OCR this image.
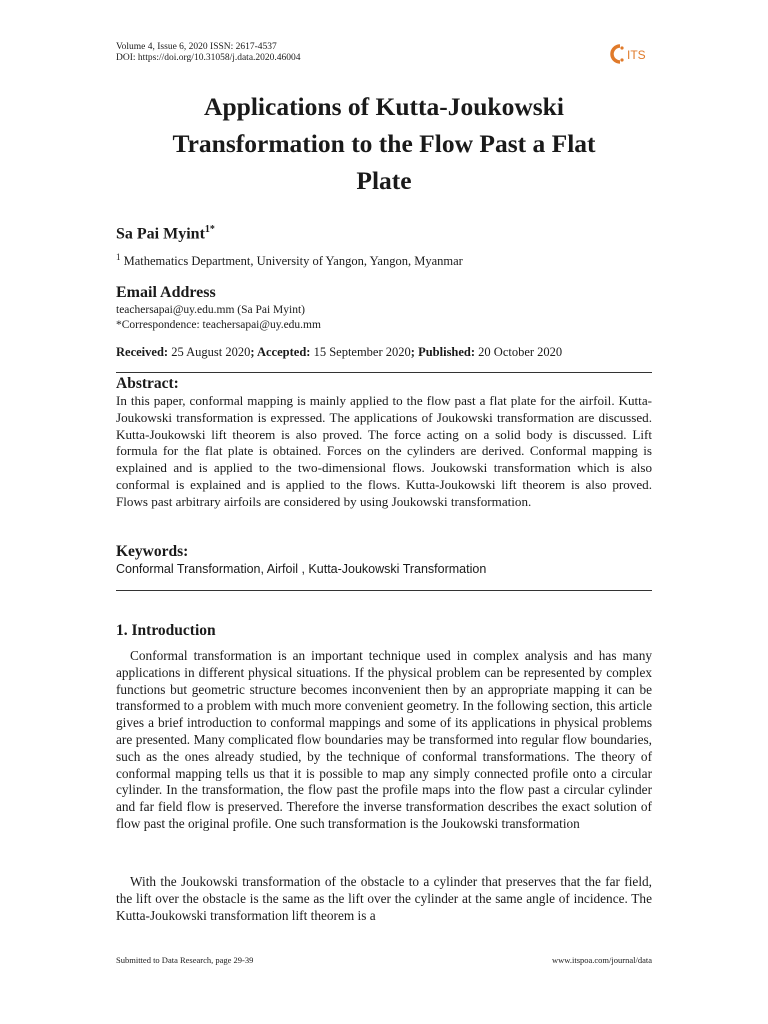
Volume 4, Issue 6, 2020 ISSN: 2617-4537
DOI: https://doi.org/10.31058/j.data.2020.46004	ITS
Applications of Kutta-Joukowski
Transformation to the Flow Past a Flat
Plate
Sa Pai Myint$^{1*}$
$^1$ Mathematics Department, University of Yangon, Yangon, Myanmar
Email Address
teachersapai@uy.edu.mm (Sa Pai Myint)
*Correspondence: teachersapai@uy.edu.mm
Received: 25 August 2020; Accepted: 15 September 2020; Published: 20 October 2020
Abstract:
In this paper, conformal mapping is mainly applied to the flow past a flat plate for the airfoil. Kutta-Joukowski transformation is expressed. The applications of Joukowski transformation are discussed. Kutta-Joukowski lift theorem is also proved. The force acting on a solid body is discussed. Lift formula for the flat plate is obtained. Forces on the cylinders are derived. Conformal mapping is explained and is applied to the two-dimensional flows. Joukowski transformation which is also conformal is explained and is applied to the flows. Kutta-Joukowski lift theorem is also proved. Flows past arbitrary airfoils are considered by using Joukowski transformation.
Keywords:
Conformal Transformation, Airfoil , Kutta-Joukowski Transformation
1. Introduction
Conformal transformation is an important technique used in complex analysis and has many applications in different physical situations. If the physical problem can be represented by complex functions but geometric structure becomes inconvenient then by an appropriate mapping it can be transformed to a problem with much more convenient geometry. In the following section, this article gives a brief introduction to conformal mappings and some of its applications in physical problems are presented. Many complicated flow boundaries may be transformed into regular flow boundaries, such as the ones already studied, by the technique of conformal transformations. The theory of conformal mapping tells us that it is possible to map any simply connected profile onto a circular cylinder. In the transformation, the flow past the profile maps into the flow past a circular cylinder and far field flow is preserved. Therefore the inverse transformation describes the exact solution of flow past the original profile. One such transformation is the Joukowski transformation
With the Joukowski transformation of the obstacle to a cylinder that preserves that the far field, the lift over the obstacle is the same as the lift over the cylinder at the same angle of incidence. The Kutta-Joukowski transformation lift theorem is a
Submitted to Data Research, page 29-39	www.itspoa.com/journal/data
